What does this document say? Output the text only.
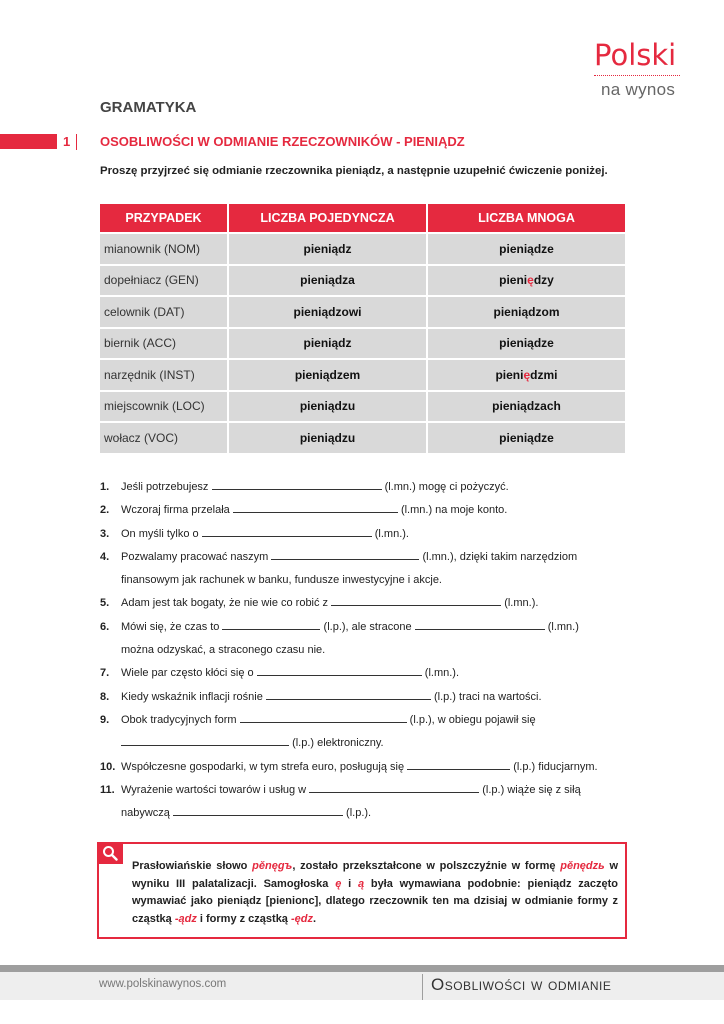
Polski
na wynos
GRAMATYKA
1 OSOBLIWOŚCI W ODMIANIE RZECZOWNIKÓW - PIENIĄDZ
Proszę przyjrzeć się odmianie rzeczownika pieniądz, a następnie uzupełnić ćwiczenie poniżej.
PRZYPADEK	LICZBA POJEDYNCZA	LICZBA MNOGA
mianownik (NOM)	pieniądz	pieniądze
dopełniacz (GEN)	pieniądza	pieniędzy
celownik (DAT)	pieniądzowi	pieniądzom
biernik (ACC)	pieniądz	pieniądze
narzędnik (INST)	pieniądzem	pieniędzmi
miejscownik (LOC)	pieniądzu	pieniądzach
wołacz (VOC)	pieniądzu	pieniądze
1. Jeśli potrzebujesz	(l.mn.) mogę ci pożyczyć.
2. Wczoraj firma przelała	(l.mn.) na moje konto.
3. On myśli tylko o	(l.mn.).
4. Pozwalamy pracować naszym	(l.mn.), dzięki takim narzędziom
finansowym jak rachunek w banku, fundusze inwestycyjne i akcje.
5. Adam jest tak bogaty, że nie wie co robić z	(l.mn.).
6. Mówi się, że czas to	(l.p.), ale stracone	(l.mn.)
można odzyskać, a straconego czasu nie.
7. Wiele par często kłóci się o	(l.mn.).
8. Kiedy wskaźnik inflacji rośnie	(l.p.) traci na wartości.
9. Obok tradycyjnych form	(l.p.), w obiegu pojawił się
(l.p.) elektroniczny.
10. Współczesne gospodarki, w tym strefa euro, posługują się	(l.p.) fiducjarnym.
11. Wyrażenie wartości towarów i usług w	(l.p.) wiąże się z siłą
nabywczą	(l.p.).
Prasłowiańskie słowo pěnęgъ, zostało przekształcone w polszczyźnie w formę pěnędzь w wyniku III palatalizacji. Samogłoska ę i ą była wymawiana podobnie: pieniądz zaczęto wymawiać jako pieniądz [pienionc], dlatego rzeczownik ten ma dzisiaj w odmianie formy z cząstką -ądz i formy z cząstką -ędz.
www.polskinawynos.com	Osobliwości w odmianie
